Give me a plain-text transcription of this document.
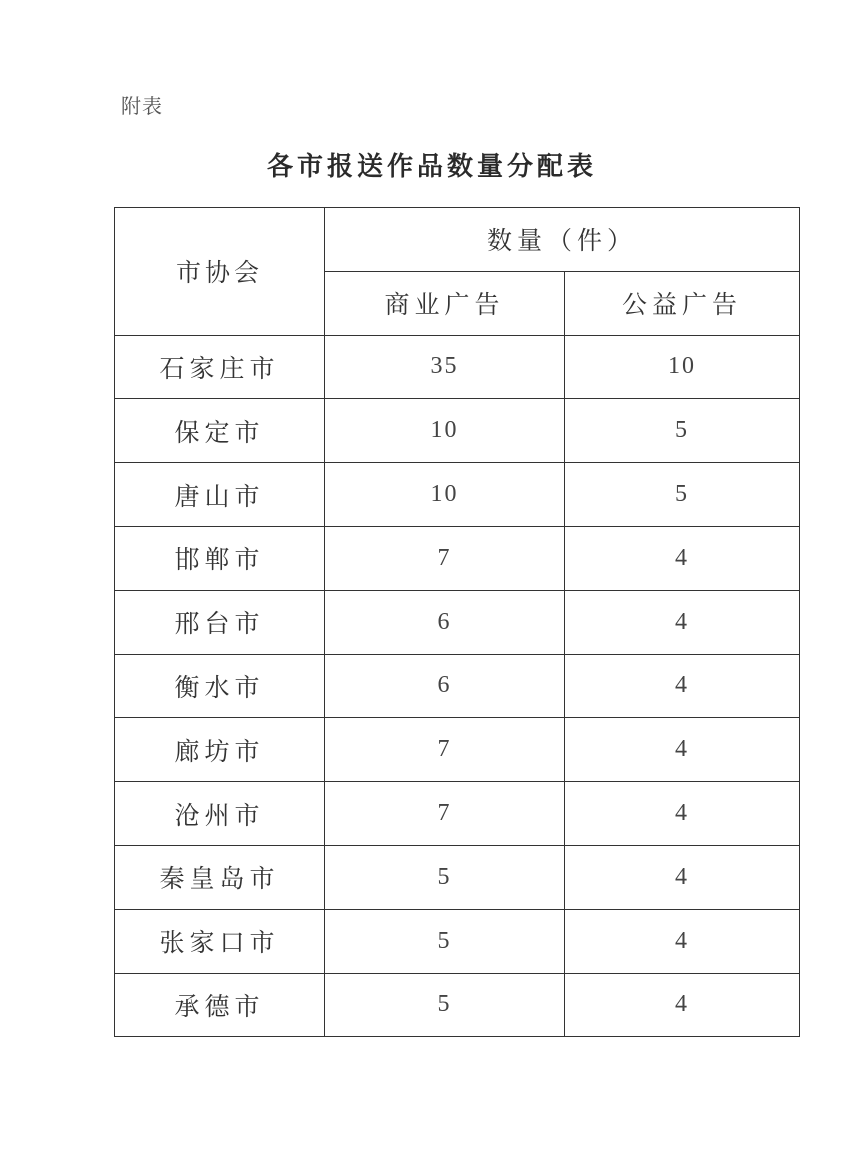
附表
各市报送作品数量分配表
市协会	数量（件）	
	商业广告	公益广告
石家庄市	35	10
保定市	10	5
唐山市	10	5
邯郸市	7	4
邢台市	6	4
衡水市	6	4
廊坊市	7	4
沧州市	7	4
秦皇岛市	5	4
张家口市	5	4
承德市	5	4
